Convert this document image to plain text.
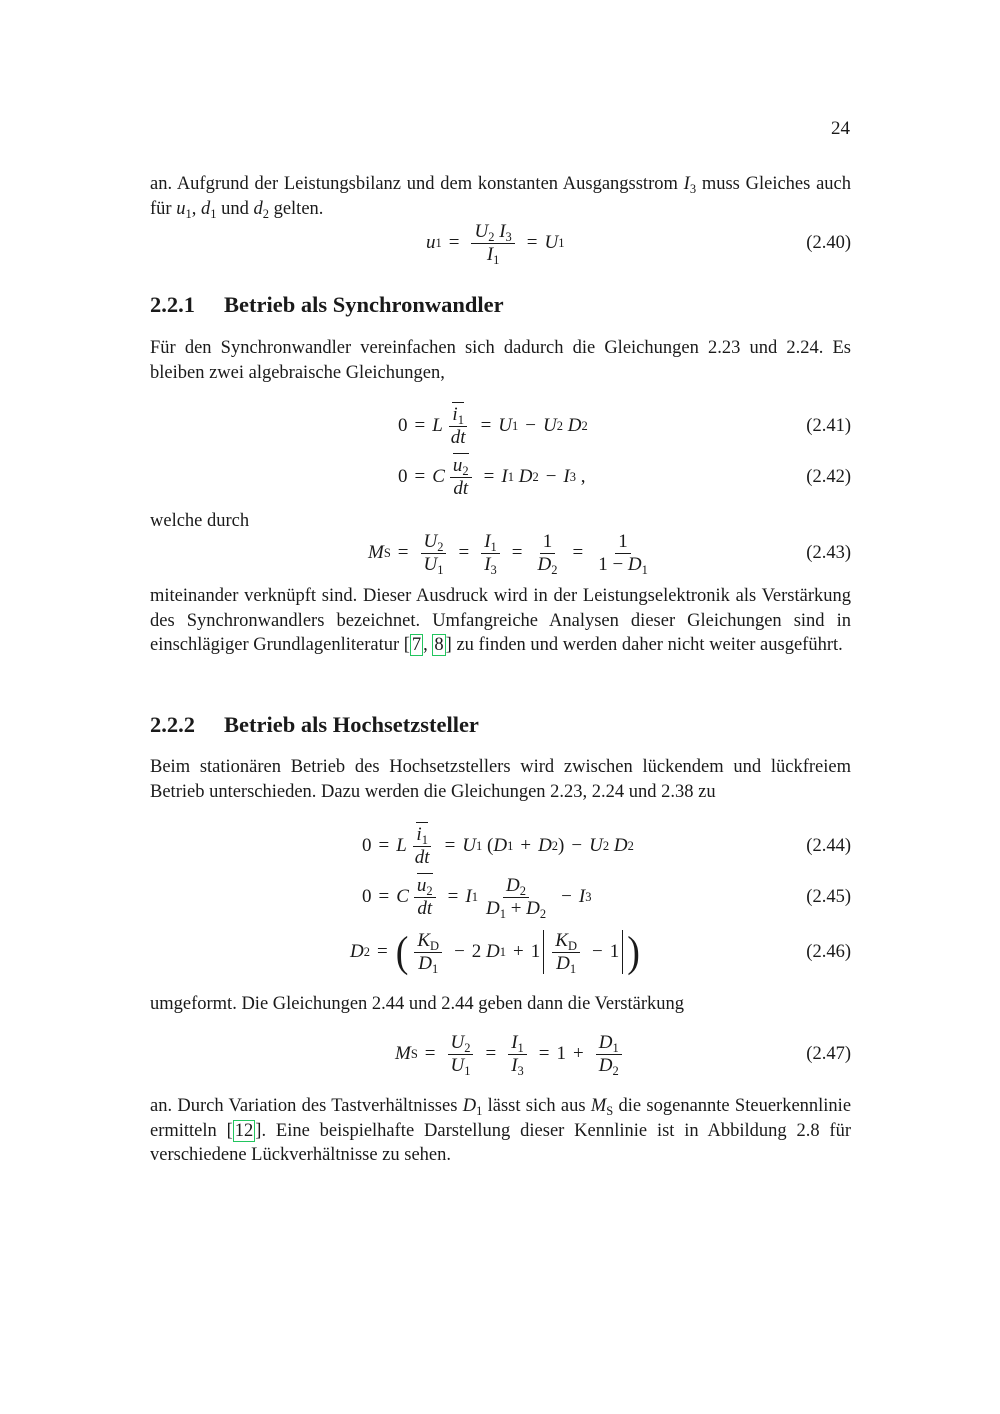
24

an. Aufgrund der Leistungsbilanz und dem konstanten Ausgangsstrom $I_3$ muss Gleiches auch für $u_1$, $d_1$ und $d_2$ gelten.

u $1 = \frac{U_2 I_3}{I_1} = U$ 1	(2.40)
2.2.1 Betrieb als Synchronwandler

Für den Synchronwandler vereinfachen sich dadurch die Gleichungen 2.23 und 2.24. Es bleiben zwei algebraische Gleichungen,

0 = L $\frac{i_1}{dt} = U$ 1 − U 2
D 2	(2.41)
0 = C $\frac{u_2}{dt} = I$ 1
D 2 − I 3
,	(2.42)
welche durch
M $S = \frac{U_2}{U_1} = \frac{I_1}{I_3} = \frac{1}{D_2} = \frac{1}{1 - D_1}$	(2.43)

miteinander verknüpft sind. Dieser Ausdruck wird in der Leistungselektronik als Verstärkung des Synchronwandlers bezeichnet. Umfangreiche Analysen dieser Gleichungen sind in einschlägiger Grundlagenliteratur [ 7 , 8 ] zu finden und werden daher nicht weiter ausgeführt.

2.2.2 Betrieb als Hochsetzsteller

Beim stationären Betrieb des Hochsetzstellers wird zwischen lückendem und lückfreiem Betrieb unterschieden. Dazu werden die Gleichungen 2.23, 2.24 und 2.38 zu

0 = L $\frac{i_1}{dt} = U$ 1
( D 1 + D 2 ) − U 2
D 2	(2.44)
0 = C $\frac{u_2}{dt} = I$ $1 \frac{D_2}{D_1 + D_2} - I$ 3	(2.45)
D 2 = ( $\frac{K_D}{D_1} - 2$
D $1 + 1 \frac{K_D}{D_1} - 1$ )	(2.46)

umgeformt. Die Gleichungen 2.44 und 2.44 geben dann die Verstärkung

M $S = \frac{U_2}{U_1} = \frac{I_1}{I_3} = 1 + \frac{D_1}{D_2}$	(2.47)

an. Durch Variation des Tastverhältnisses $D_1$ lässt sich aus $M_S$ die sogenannte Steuerkennlinie ermitteln [ 12 ]. Eine beispielhafte Darstellung dieser Kennlinie ist in Abbildung 2.8 für verschiedene Lückverhältnisse zu sehen.
